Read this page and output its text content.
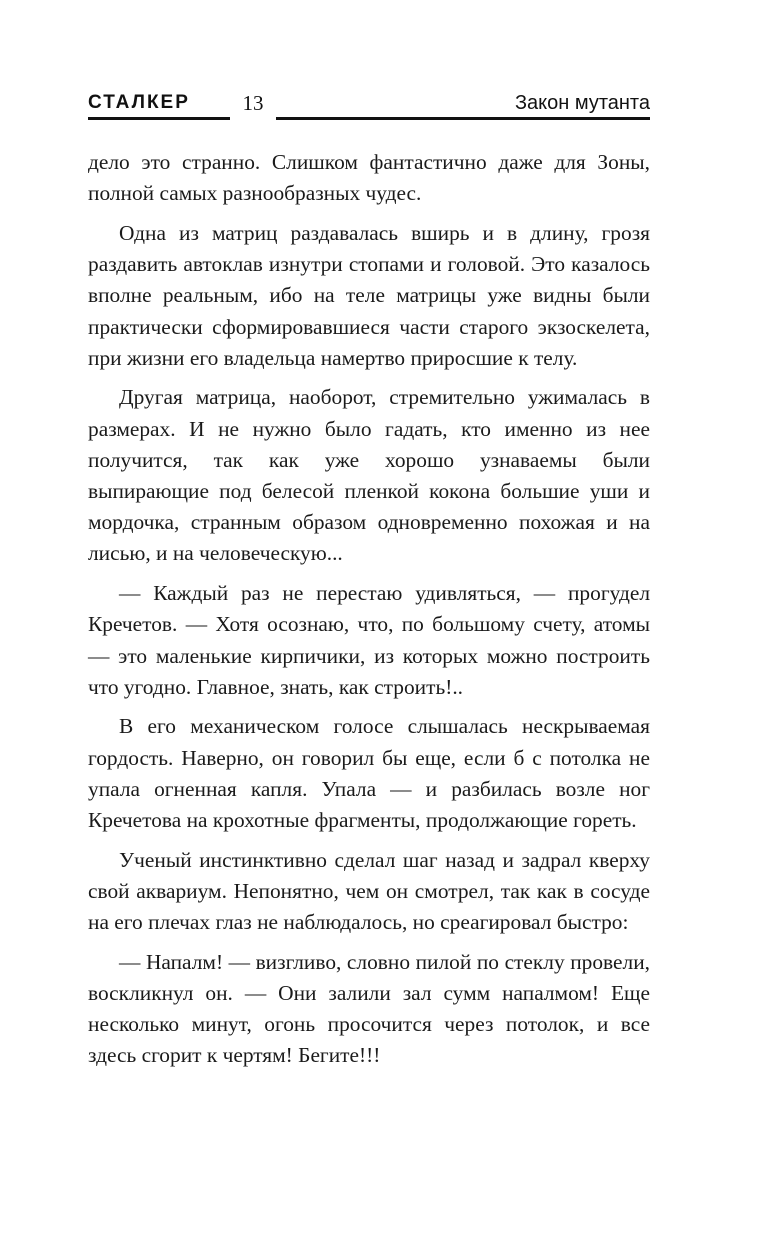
СТАЛКЕР	13	Закон мутанта

дело это странно. Слишком фантастично даже для Зоны, полной самых разнообразных чудес.

Одна из матриц раздавалась вширь и в длину, грозя раздавить автоклав изнутри стопами и головой. Это казалось вполне реальным, ибо на теле матрицы уже видны были практически сформировавшиеся части старого экзоскелета, при жизни его владельца намертво приросшие к телу.

Другая матрица, наоборот, стремительно ужималась в размерах. И не нужно было гадать, кто именно из нее получится, так как уже хорошо узнаваемы были выпирающие под белесой пленкой кокона большие уши и мордочка, странным образом одновременно похожая и на лисью, и на человеческую...

— Каждый раз не перестаю удивляться, — прогудел Кречетов. — Хотя осознаю, что, по большому счету, атомы — это маленькие кирпичики, из которых можно построить что угодно. Главное, знать, как строить!..

В его механическом голосе слышалась нескрываемая гордость. Наверно, он говорил бы еще, если б с потолка не упала огненная капля. Упала — и разбилась возле ног Кречетова на крохотные фрагменты, продолжающие гореть.

Ученый инстинктивно сделал шаг назад и задрал кверху свой аквариум. Непонятно, чем он смотрел, так как в сосуде на его плечах глаз не наблюдалось, но среагировал быстро:

— Напалм! — визгливо, словно пилой по стеклу провели, воскликнул он. — Они залили зал сумм напалмом! Еще несколько минут, огонь просочится через потолок, и все здесь сгорит к чертям! Бегите!!!
